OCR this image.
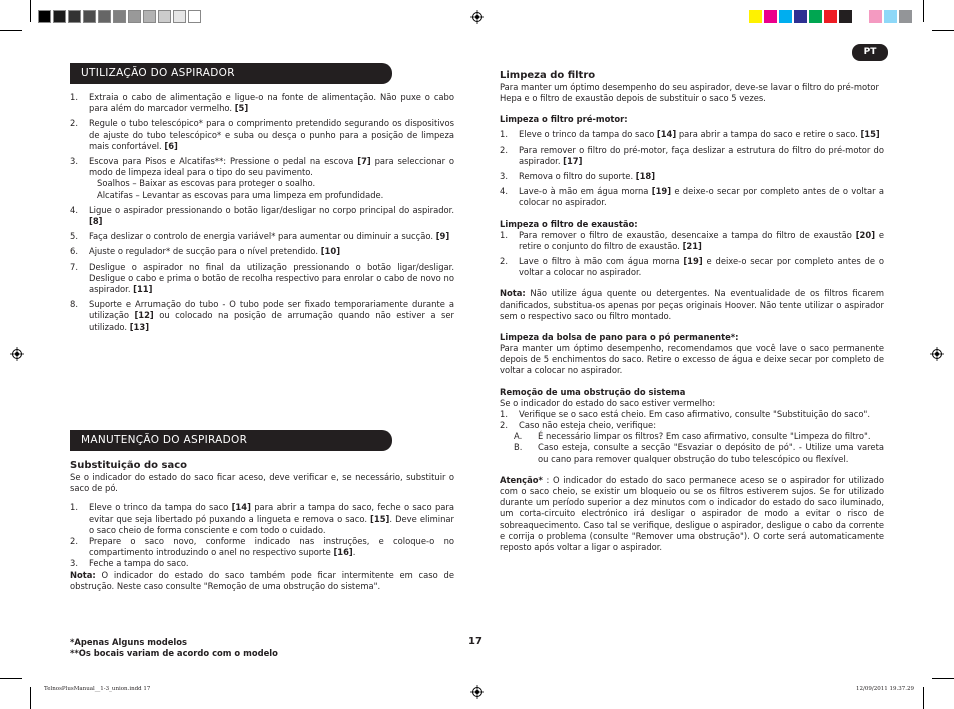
PT
UTILIZAÇÃO DO ASPIRADOR
1. Extraia o cabo de alimentação e ligue-o na fonte de alimentação. Não puxe o cabo para além do marcador vermelho. [5]
2. Regule o tubo telescópico* para o comprimento pretendido segurando os dispositivos de ajuste do tubo telescópico* e suba ou desça o punho para a posição de limpeza mais confortável. [6]
3. Escova para Pisos e Alcatifas**: Pressione o pedal na escova [7] para seleccionar o modo de limpeza ideal para o tipo do seu pavimento.
Soalhos – Baixar as escovas para proteger o soalho.
Alcatifas – Levantar as escovas para uma limpeza em profundidade.
4. Ligue o aspirador pressionando o botão ligar/desligar no corpo principal do aspirador. [8]
5. Faça deslizar o controlo de energia variável* para aumentar ou diminuir a sucção. [9]
6. Ajuste o regulador* de sucção para o nível pretendido. [10]
7. Desligue o aspirador no final da utilização pressionando o botão ligar/desligar. Desligue o cabo e prima o botão de recolha respectivo para enrolar o cabo de novo no aspirador. [11]
8. Suporte e Arrumação do tubo - O tubo pode ser fixado temporariamente durante a utilização [12] ou colocado na posição de arrumação quando não estiver a ser utilizado. [13]
MANUTENÇÃO DO ASPIRADOR
Substituição do saco

Se o indicador do estado do saco ficar aceso, deve verificar e, se necessário, substituir o saco de pó.

1. Eleve o trinco da tampa do saco [14] para abrir a tampa do saco, feche o saco para evitar que seja libertado pó puxando a lingueta e remova o saco. [15]. Deve eliminar o saco cheio de forma consciente e com todo o cuidado.
2. Prepare o saco novo, conforme indicado nas instruções, e coloque-o no compartimento introduzindo o anel no respectivo suporte [16].
3. Feche a tampa do saco.

Nota: O indicador do estado do saco também pode ficar intermitente em caso de obstrução. Neste caso consulte "Remoção de uma obstrução do sistema".

*Apenas Alguns modelos
**Os bocais variam de acordo com o modelo
17
Limpeza do filtro

Para manter um óptimo desempenho do seu aspirador, deve-se lavar o filtro do pré-motor Hepa e o filtro de exaustão depois de substituir o saco 5 vezes.

Limpeza o filtro pré-motor:
1. Eleve o trinco da tampa do saco [14] para abrir a tampa do saco e retire o saco. [15]
2. Para remover o filtro do pré-motor, faça deslizar a estrutura do filtro do pré-motor do aspirador. [17]
3. Remova o filtro do suporte. [18]
4. Lave-o à mão em água morna [19] e deixe-o secar por completo antes de o voltar a colocar no aspirador.
Limpeza o filtro de exaustão:
1. Para remover o filtro de exaustão, desencaixe a tampa do filtro de exaustão [20] e retire o conjunto do filtro de exaustão. [21]
2. Lave o filtro à mão com água morna [19] e deixe-o secar por completo antes de o voltar a colocar no aspirador.

Nota: Não utilize água quente ou detergentes. Na eventualidade de os filtros ficarem danificados, substitua-os apenas por peças originais Hoover. Não tente utilizar o aspirador sem o respectivo saco ou filtro montado.

Limpeza da bolsa de pano para o pó permanente*:

Para manter um óptimo desempenho, recomendamos que você lave o saco permanente depois de 5 enchimentos do saco. Retire o excesso de água e deixe secar por completo de voltar a colocar no aspirador.

Remoção de uma obstrução do sistema

Se o indicador do estado do saco estiver vermelho:

1. Verifique se o saco está cheio. Em caso afirmativo, consulte "Substituição do saco".
2. Caso não esteja cheio, verifique:
A. É necessário limpar os filtros? Em caso afirmativo, consulte "Limpeza do filtro".
B. Caso esteja, consulte a secção "Esvaziar o depósito de pó". - Utilize uma vareta ou cano para remover qualquer obstrução do tubo telescópico ou flexível.

Atenção* : O indicador do estado do saco permanece aceso se o aspirador for utilizado com o saco cheio, se existir um bloqueio ou se os filtros estiverem sujos. Se for utilizado durante um período superior a dez minutos com o indicador do estado do saco iluminado, um corta-circuito electrónico irá desligar o aspirador de modo a evitar o risco de sobreaquecimento. Caso tal se verifique, desligue o aspirador, desligue o cabo da corrente e corrija o problema (consulte "Remover uma obstrução"). O corte será automaticamente reposto após voltar a ligar o aspirador.

TelnosPlusManual__1-3_union.indd 17	12/09/2011 19.37.29
